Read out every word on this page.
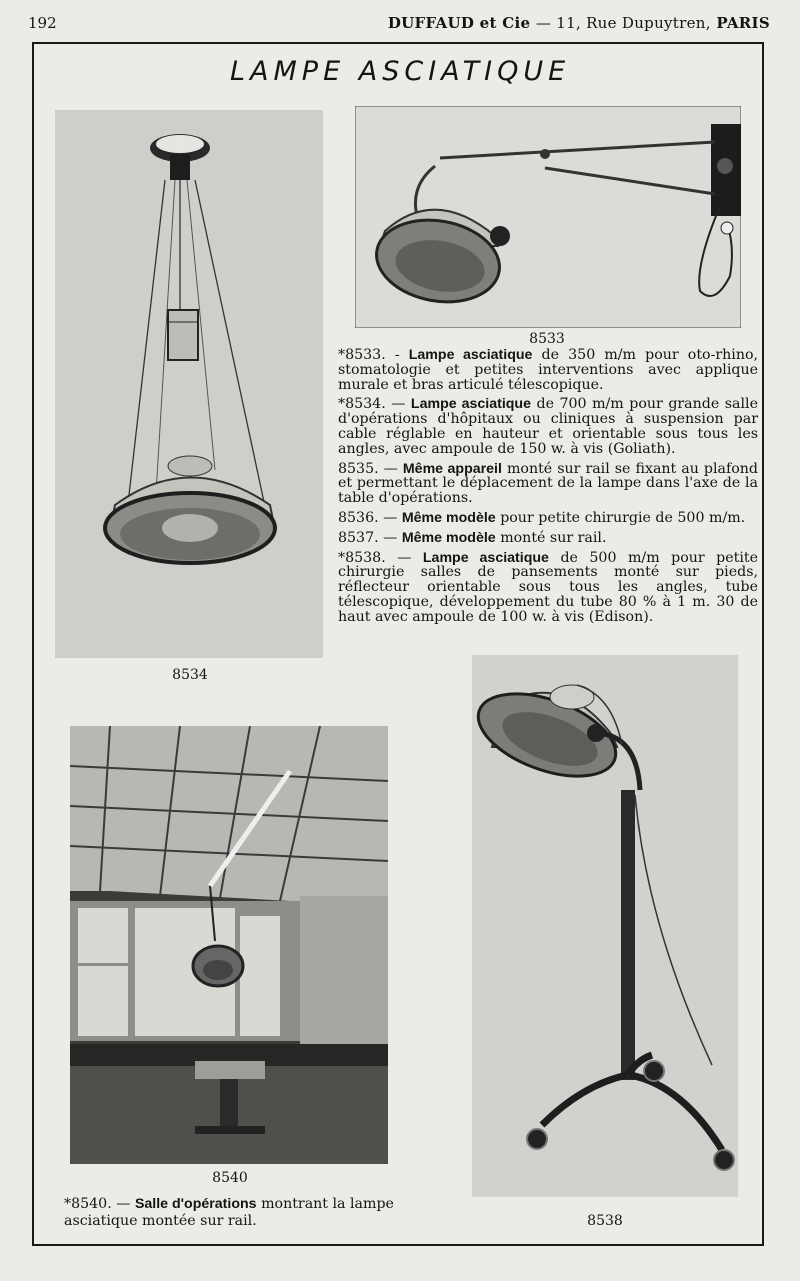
192	DUFFAUD et Cie — 11, Rue Dupuytren, PARIS
LAMPE ASCIATIQUE
8534
8533

*8533. - Lampe asciatique de 350 m/m pour oto-rhino, stomatologie et petites interventions avec applique murale et bras articulé télescopique.

*8534. — Lampe asciatique de 700 m/m pour grande salle d'opérations d'hôpitaux ou cliniques à suspension par cable réglable en hauteur et orientable sous tous les angles, avec ampoule de 150 w. à vis (Goliath).

8535. — Même appareil monté sur rail se fixant au plafond et permettant le déplacement de la lampe dans l'axe de la table d'opérations.

8536. — Même modèle pour petite chirurgie de 500 m/m.

8537. — Même modèle monté sur rail.

*8538. — Lampe asciatique de 500 m/m pour petite chirurgie salles de pansements monté sur pieds, réflecteur orientable sous tous les angles, tube télescopique, développement du tube 80 % à 1 m. 30 de haut avec ampoule de 100 w. à vis (Edison).

8540
*8540. — Salle d'opérations montrant la lampe asciatique montée sur rail.	8538
